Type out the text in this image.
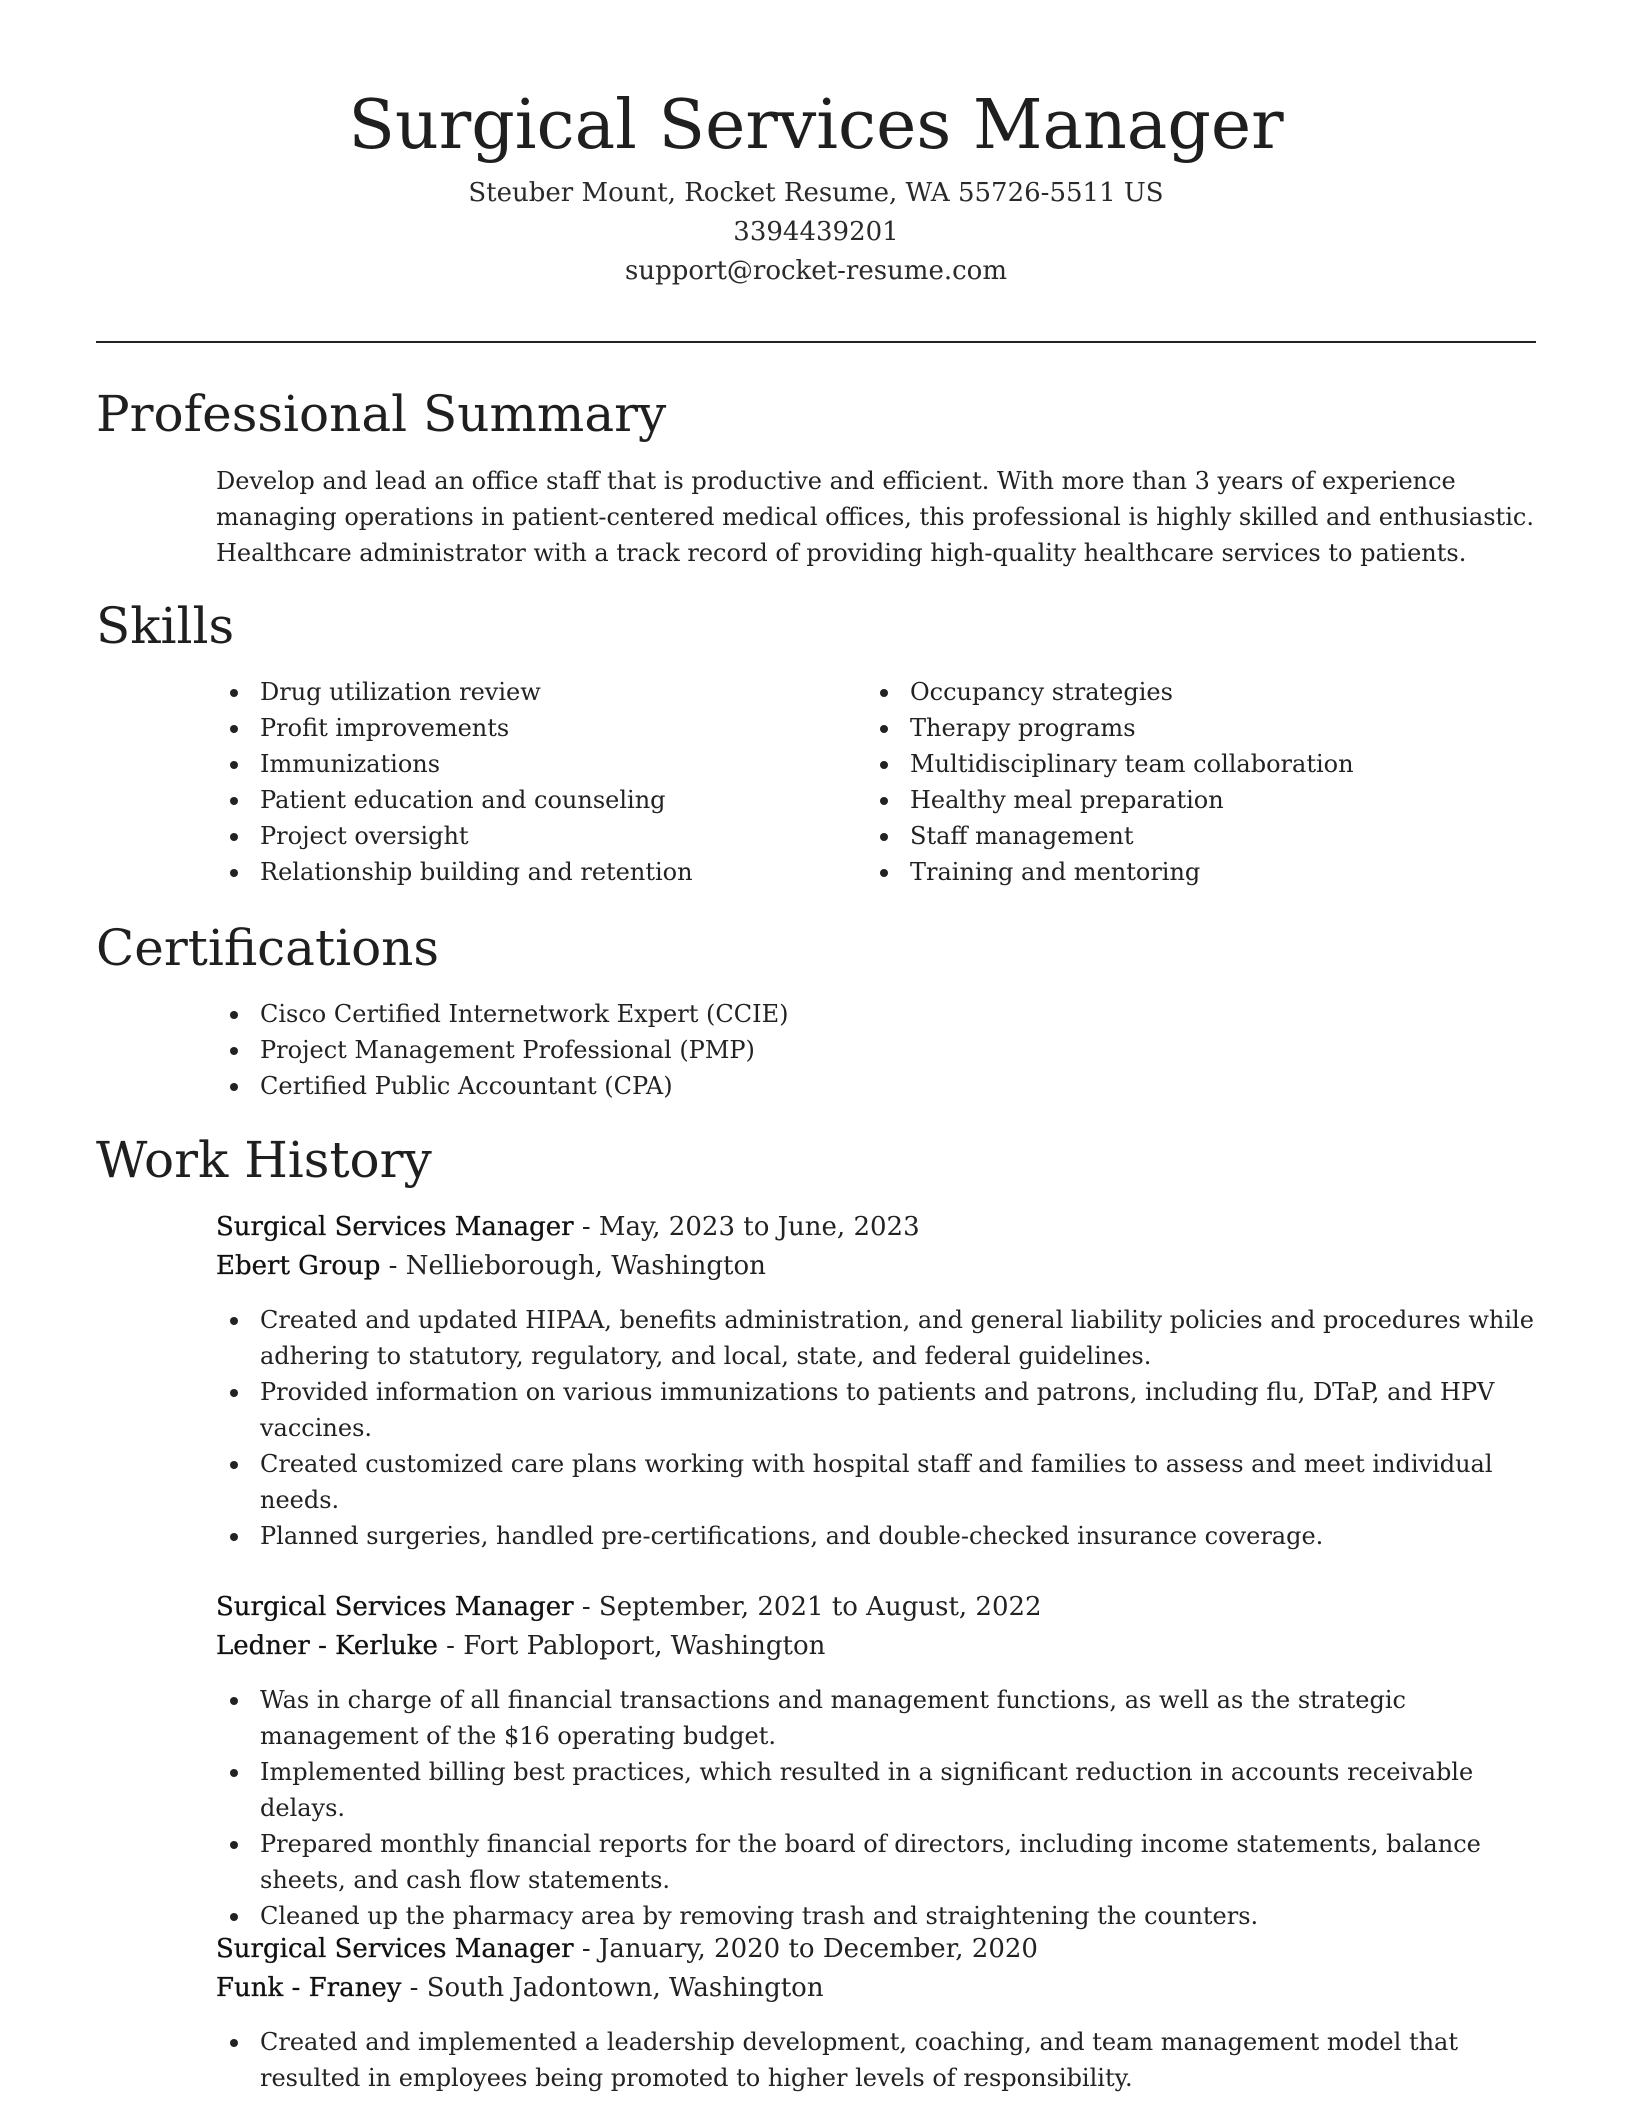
Surgical Services Manager
Steuber Mount, Rocket Resume, WA 55726-5511 US
3394439201
support@rocket-resume.com
Professional Summary

Develop and lead an office staff that is productive and efficient. With more than 3 years of experience managing operations in patient-centered medical offices, this professional is highly skilled and enthusiastic. Healthcare administrator with a track record of providing high-quality healthcare services to patients.

Skills
Drug utilization review
Profit improvements
Immunizations
Patient education and counseling
Project oversight
Relationship building and retention
Occupancy strategies
Therapy programs
Multidisciplinary team collaboration
Healthy meal preparation
Staff management
Training and mentoring
Certifications
Cisco Certified Internetwork Expert (CCIE)
Project Management Professional (PMP)
Certified Public Accountant (CPA)
Work History
Surgical Services Manager - May, 2023 to June, 2023
Ebert Group - Nellieborough, Washington
Created and updated HIPAA, benefits administration, and general liability policies and procedures while adhering to statutory, regulatory, and local, state, and federal guidelines.
Provided information on various immunizations to patients and patrons, including flu, DTaP, and HPV vaccines.
Created customized care plans working with hospital staff and families to assess and meet individual needs.
Planned surgeries, handled pre-certifications, and double-checked insurance coverage.
Surgical Services Manager - September, 2021 to August, 2022
Ledner - Kerluke - Fort Pabloport, Washington
Was in charge of all financial transactions and management functions, as well as the strategic management of the $16 operating budget.
Implemented billing best practices, which resulted in a significant reduction in accounts receivable delays.
Prepared monthly financial reports for the board of directors, including income statements, balance sheets, and cash flow statements.
Cleaned up the pharmacy area by removing trash and straightening the counters.
Surgical Services Manager - January, 2020 to December, 2020
Funk - Franey - South Jadontown, Washington
Created and implemented a leadership development, coaching, and team management model that resulted in employees being promoted to higher levels of responsibility.
